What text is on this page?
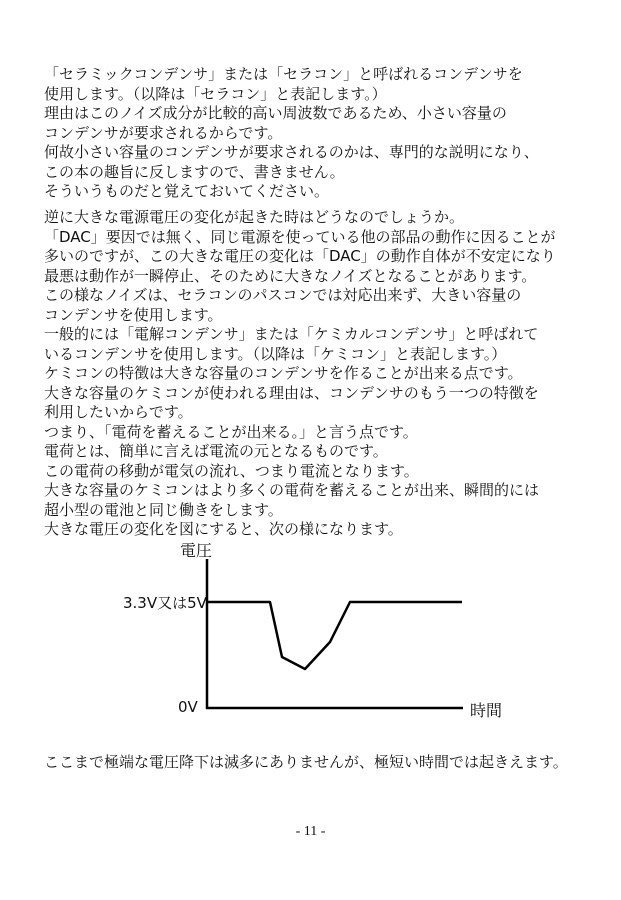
「セラミックコンデンサ」または「セラコン」と呼ばれるコンデンサを
使用します。（以降は「セラコン」と表記します。）
理由はこのノイズ成分が比較的高い周波数であるため、小さい容量の
コンデンサが要求されるからです。
何故小さい容量のコンデンサが要求されるのかは、専門的な説明になり、
この本の趣旨に反しますので、書きません。
そういうものだと覚えておいてください。
逆に大きな電源電圧の変化が起きた時はどうなのでしょうか。
「DAC」要因では無く、同じ電源を使っている他の部品の動作に因ることが
多いのですが、この大きな電圧の変化は「DAC」の動作自体が不安定になり
最悪は動作が一瞬停止、そのために大きなノイズとなることがあります。
この様なノイズは、セラコンのパスコンでは対応出来ず、大きい容量の
コンデンサを使用します。
一般的には「電解コンデンサ」または「ケミカルコンデンサ」と呼ばれて
いるコンデンサを使用します。（以降は「ケミコン」と表記します。）
ケミコンの特徴は大きな容量のコンデンサを作ることが出来る点です。
大きな容量のケミコンが使われる理由は、コンデンサのもう一つの特徴を
利用したいからです。
つまり、「電荷を蓄えることが出来る。」と言う点です。
電荷とは、簡単に言えば電流の元となるものです。
この電荷の移動が電気の流れ、つまり電流となります。
大きな容量のケミコンはより多くの電荷を蓄えることが出来、瞬間的には
超小型の電池と同じ働きをします。
大きな電圧の変化を図にすると、次の様になります。
電圧
時間
3.3V又は5V
0V
ここまで極端な電圧降下は滅多にありませんが、極短い時間では起きえます。
- 11 -
